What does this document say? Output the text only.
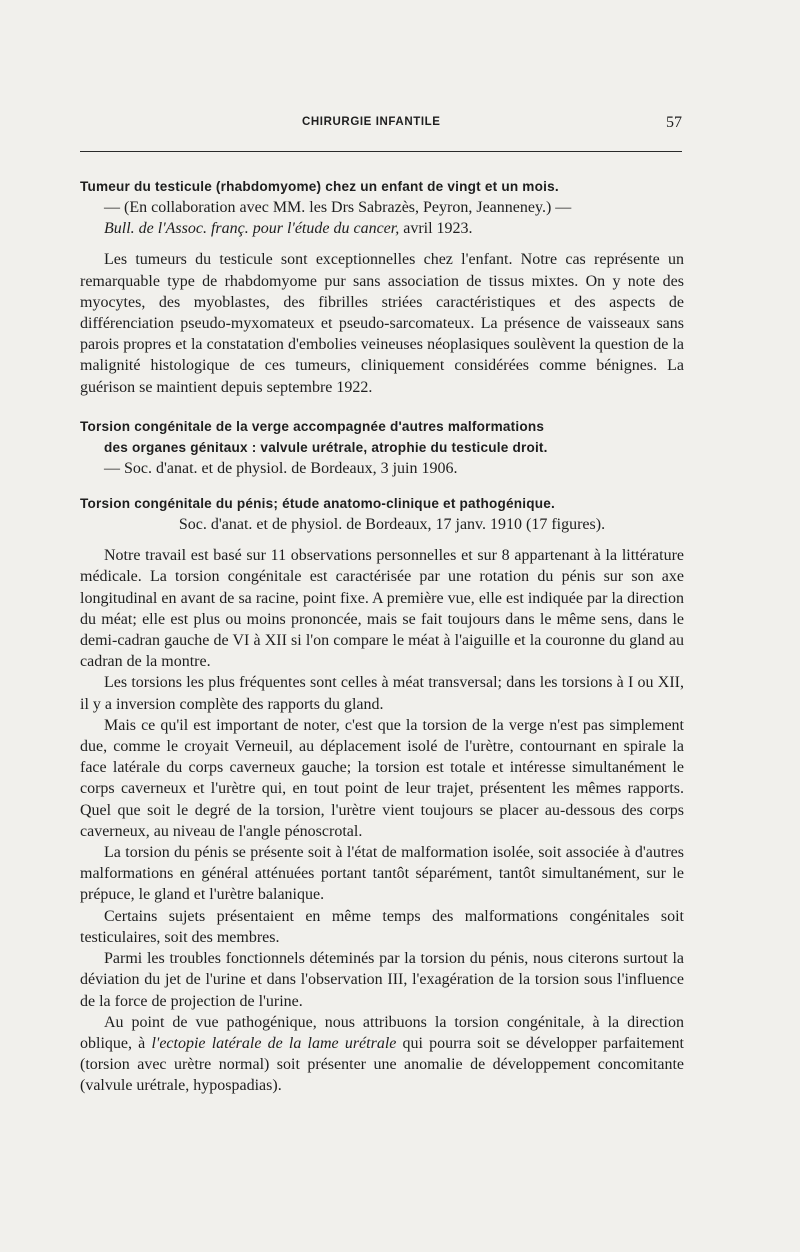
CHIRURGIE INFANTILE	57

Tumeur du testicule (rhabdomyome) chez un enfant de vingt et un mois.

— (En collaboration avec MM. les Drs Sabrazès, Peyron, Jeanneney.) —
Bull. de l'Assoc. franç. pour l'étude du cancer, avril 1923.

Les tumeurs du testicule sont exceptionnelles chez l'enfant. Notre cas représente un remarquable type de rhabdomyome pur sans association de tissus mixtes. On y note des myocytes, des myoblastes, des fibrilles striées caractéristiques et des aspects de différenciation pseudo-myxomateux et pseudo-sarcomateux. La présence de vaisseaux sans parois propres et la constatation d'embolies veineuses néoplasiques soulèvent la question de la malignité histologique de ces tumeurs, cliniquement considérées comme bénignes. La guérison se maintient depuis septembre 1922.

Torsion congénitale de la verge accompagnée d'autres malformations

des organes génitaux : valvule urétrale, atrophie du testicule droit.

— Soc. d'anat. et de physiol. de Bordeaux, 3 juin 1906.

Torsion congénitale du pénis; étude anatomo-clinique et pathogénique.

Soc. d'anat. et de physiol. de Bordeaux, 17 janv. 1910 (17 figures).

Notre travail est basé sur 11 observations personnelles et sur 8 appartenant à la littérature médicale. La torsion congénitale est caractérisée par une rotation du pénis sur son axe longitudinal en avant de sa racine, point fixe. A première vue, elle est indiquée par la direction du méat; elle est plus ou moins prononcée, mais se fait toujours dans le même sens, dans le demi-cadran gauche de VI à XII si l'on compare le méat à l'aiguille et la couronne du gland au cadran de la montre.

Les torsions les plus fréquentes sont celles à méat transversal; dans les torsions à I ou XII, il y a inversion complète des rapports du gland.

Mais ce qu'il est important de noter, c'est que la torsion de la verge n'est pas simplement due, comme le croyait Verneuil, au déplacement isolé de l'urètre, contournant en spirale la face latérale du corps caverneux gauche; la torsion est totale et intéresse simultanément le corps caverneux et l'urètre qui, en tout point de leur trajet, présentent les mêmes rapports. Quel que soit le degré de la torsion, l'urètre vient toujours se placer au-dessous des corps caverneux, au niveau de l'angle pénoscrotal.

La torsion du pénis se présente soit à l'état de malformation isolée, soit associée à d'autres malformations en général atténuées portant tantôt séparément, tantôt simultanément, sur le prépuce, le gland et l'urètre balanique.

Certains sujets présentaient en même temps des malformations congénitales soit testiculaires, soit des membres.

Parmi les troubles fonctionnels déteminés par la torsion du pénis, nous citerons surtout la déviation du jet de l'urine et dans l'observation III, l'exagération de la torsion sous l'influence de la force de projection de l'urine.

Au point de vue pathogénique, nous attribuons la torsion congénitale, à la direction oblique, à l'ectopie latérale de la lame urétrale qui pourra soit se développer parfaitement (torsion avec urètre normal) soit présenter une anomalie de développement concomitante (valvule urétrale, hypospadias).
